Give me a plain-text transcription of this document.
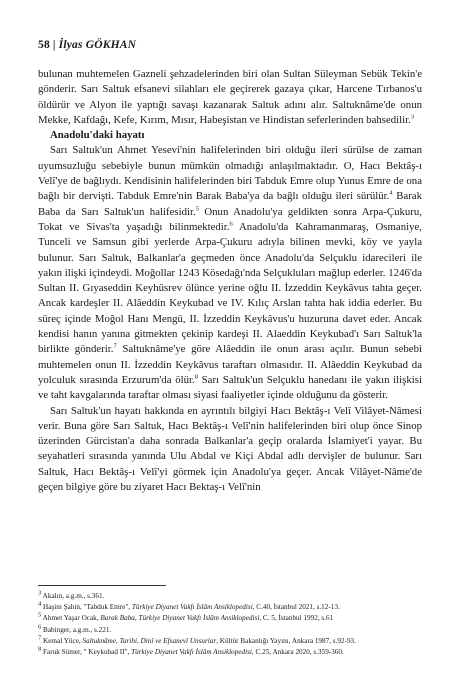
58 | İlyas GÖKHAN

bulunan muhtemelen Gazneli şehzadelerinden biri olan Sultan Süleyman Sebük Tekin'e gönderir. Sarı Saltuk efsanevi silahları ele geçirerek gazaya çıkar, Harcene Tırbanos'u öldürür ve Alyon ile yaptığı savaşı kazanarak Saltuk adını alır. Saltuknâme'de onun Mekke, Kafdağı, Kefe, Kırım, Mısır, Habeşistan ve Hindistan seferlerinden bahsedilir.$^3$

Anadolu'daki hayatı

Sarı Saltuk'un Ahmet Yesevi'nin halifelerinden biri olduğu ileri sürülse de zaman uyumsuzluğu sebebiyle bunun mümkün olmadığı anlaşılmaktadır. O, Hacı Bektâş-ı Velî'ye de bağlıydı. Kendisinin halifelerinden biri Tabduk Emre olup Yunus Emre de ona bağlı bir dervişti. Tabduk Emre'nin Barak Baba'ya da bağlı olduğu ileri sürülür.$^4$ Barak Baba da Sarı Saltuk'un halifesidir.$^5$ Onun Anadolu'ya geldikten sonra Arpa-Çukuru, Tokat ve Sivas'ta yaşadığı bilinmektedir.$^6$ Anadolu'da Kahramanmaraş, Osmaniye, Tunceli ve Samsun gibi yerlerde Arpa-Çukuru adıyla bilinen mevki, köy ve yayla bulunur. Sarı Saltuk, Balkanlar'a geçmeden önce Anadolu'da Selçuklu idarecileri ile yakın ilişki içindeydi. Moğollar 1243 Kösedağı'nda Selçukluları mağlup ederler. 1246'da Sultan II. Gıyaseddin Keyhüsrev ölünce yerine oğlu II. İzzeddin Keykâvus tahta geçer. Ancak kardeşler II. Alâeddin Keykubad ve IV. Kılıç Arslan tahta hak iddia ederler. Bu süreç içinde Moğol Hanı Mengü, II. İzzeddin Keykâvus'u huzuruna davet eder. Ancak kendisi hanın yanına gitmekten çekinip kardeşi II. Alaeddin Keykubad'ı Sarı Saltuk'la birlikte gönderir.$^7$ Saltuknâme'ye göre Alâeddin ile onun arası açılır. Bunun sebebi muhtemelen onun II. İzzeddin Keykâvus taraftarı olmasıdır. II. Alâeddin Keykubad da yolculuk sırasında Erzurum'da ölür.$^8$ Sarı Saltuk'un Selçuklu hanedanı ile yakın ilişkisi ve taht kavgalarında taraftar olması siyasi faaliyetler içinde olduğunu da gösterir.

Sarı Saltuk'un hayatı hakkında en ayrıntılı bilgiyi Hacı Bektâş-ı Velî Vilâyet-Nâmesi verir. Buna göre Sarı Saltuk, Hacı Bektâş-ı Velî'nin halifelerinden biri olup önce Sinop üzerinden Gürcistan'a daha sonrada Balkanlar'a geçip oralarda İslamiyet'i yayar. Bu seyahatleri sırasında yanında Ulu Abdal ve Kiçi Abdal adlı dervişler de bulunur. Sarı Saltuk, Hacı Bektâş-ı Velî'yi görmek için Anadolu'ya geçer. Ancak Vilâyet-Nâme'de geçen bilgiye göre bu ziyaret Hacı Bektaş-ı Velî'nin

$^3$ Akalın, a.g.m., s.361.
$^4$ Haşim Şahin, "Tabduk Emre", Türkiye Diyanet Vakfı İslâm Ansiklopedisi, C.40, İstanbul 2021, s.12-13.
$^5$ Ahmet Yaşar Ocak, Barak Baba, Türkiye Diyanet Vakfı İslâm Ansiklopedisi, C. 5, İstanbul 1992, s.61
$^6$ Babinger, a.g.m., s.221.
$^7$ Kemal Yüce, Saltuknâme, Tarihi, Dinî ve Efsanevî Unsurlar, Kültür Bakanlığı Yayını, Ankara 1987, s.92-93.
$^8$ Faruk Sümer, " Keykubad II", Türkiye Diyanet Vakfı İslâm Ansiklopedisi, C.25, Ankara 2020, s.359-360.
